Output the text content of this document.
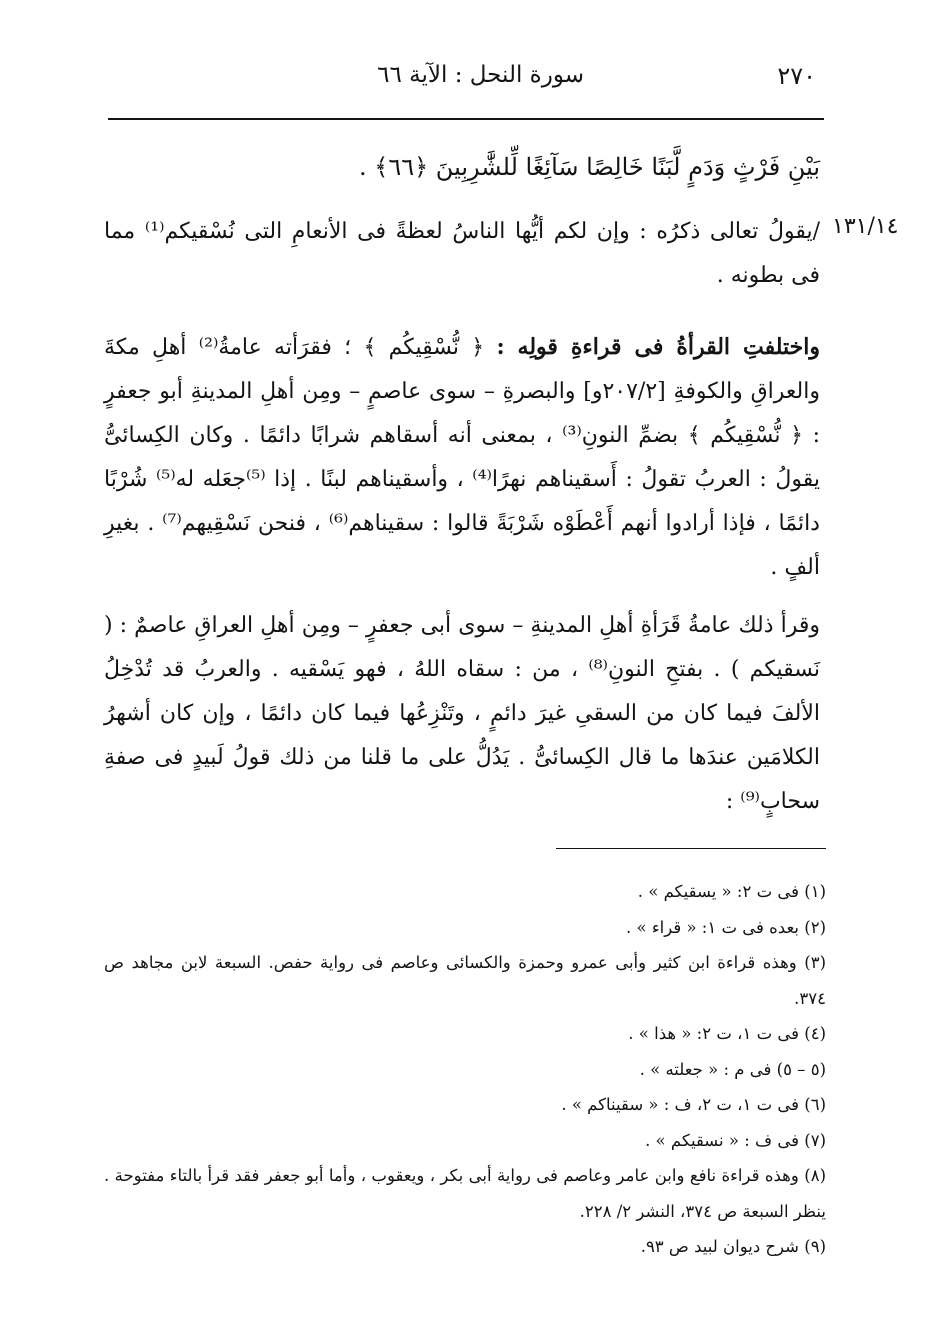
٢٧٠
سورة النحل : الآية ٦٦
١٣١/١٤
بَيْنِ فَرْثٍ وَدَمٍ لَّبَنًا خَالِصًا سَآئِغًا لِّلشَّٰرِبِينَ ﴿٦٦﴾ .

/يقولُ تعالى ذكرُه : وإن لكم أيُّها الناسُ لعظةً فى الأنعامِ التى نُسْقيكم⁽¹⁾ مما فى بطونه .

واختلفتِ القرأةُ فى قراءةِ قولِه : ﴿ نُّسْقِيكُم ﴾ ؛ فقرَأته عامةُ⁽²⁾ أهلِ مكةَ والعراقِ والكوفةِ [٢٠٧/٢و] والبصرةِ – سوى عاصمٍ – ومِن أهلِ المدينةِ أبو جعفرٍ : ﴿ نُّسْقِيكُم ﴾ بضمِّ النونِ⁽³⁾ ، بمعنى أنه أسقاهم شرابًا دائمًا . وكان الكِسائىُّ يقولُ : العربُ تقولُ : أَسقيناهم نهرًا⁽⁴⁾ ، وأسقيناهم لبنًا . إذا ⁽⁵⁾جعَله له⁽⁵⁾ شُرْبًا دائمًا ، فإذا أرادوا أنهم أَعْطَوْه شَرْبَةً قالوا : سقيناهم⁽⁶⁾ ، فنحن نَسْقِيهم⁽⁷⁾ . بغيرِ ألفٍ .

وقرأ ذلك عامةُ قَرَأةِ أهلِ المدينةِ – سوى أبى جعفرٍ – ومِن أهلِ العراقِ عاصمٌ : ( نَسقيكم ) . بفتحِ النونِ⁽⁸⁾ ، من : سقاه اللهُ ، فهو يَسْقيه . والعربُ قد تُدْخِلُ الألفَ فيما كان من السقىِ غيرَ دائمٍ ، وتَنْزِعُها فيما كان دائمًا ، وإن كان أشهرُ الكلامَين عندَها ما قال الكِسائىُّ . يَدُلُّ على ما قلنا من ذلك قولُ لَبيدٍ فى صفةِ سحابٍ⁽⁹⁾ :

(١) فى ت ٢: « يسقيكم » .

(٢) بعده فى ت ١: « قراء » .

(٣) وهذه قراءة ابن كثير وأبى عمرو وحمزة والكسائى وعاصم فى رواية حفص. السبعة لابن مجاهد ص ٣٧٤.

(٤) فى ت ١، ت ٢: « هذا » .

(٥ – ٥) فى م : « جعلته » .

(٦) فى ت ١، ت ٢، ف : « سقيناكم » .

(٧) فى ف : « نسقيكم » .

(٨) وهذه قراءة نافع وابن عامر وعاصم فى رواية أبى بكر ، ويعقوب ، وأما أبو جعفر فقد قرأ بالتاء مفتوحة . ينظر السبعة ص ٣٧٤، النشر ٢/ ٢٢٨.

(٩) شرح ديوان لبيد ص ٩٣.
